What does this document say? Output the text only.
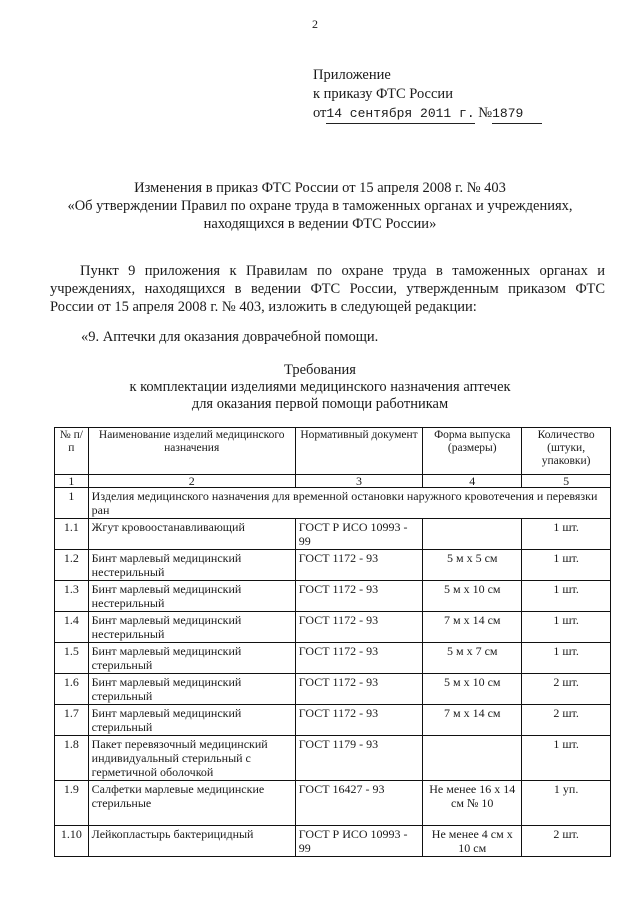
2
Приложение
к приказу ФТС России
от14 сентября 2011 г. №1879
Изменения в приказ ФТС России от 15 апреля 2008 г. № 403
«Об утверждении Правил по охране труда в таможенных органах и учреждениях,
находящихся в ведении ФТС России»
Пункт 9 приложения к Правилам по охране труда в таможенных органах и учреждениях, находящихся в ведении ФТС России, утвержденным приказом ФТС России от 15 апреля 2008 г. № 403, изложить в следующей редакции:
«9. Аптечки для оказания доврачебной помощи.
Требования
к комплектации изделиями медицинского назначения аптечек
для оказания первой помощи работникам
№ п/п	Наименование изделий медицинского назначения	Нормативный документ	Форма выпуска (размеры)	Количество (штуки, упаковки)
1	2	3	4	5
1	Изделия медицинского назначения для временной остановки наружного кровотечения и перевязки ран			
1.1	Жгут кровоостанавливающий	ГОСТ Р ИСО 10993 - 99		1 шт.
1.2	Бинт марлевый медицинский нестерильный	ГОСТ 1172 - 93	5 м х 5 см	1 шт.
1.3	Бинт марлевый медицинский нестерильный	ГОСТ 1172 - 93	5 м х 10 см	1 шт.
1.4	Бинт марлевый медицинский нестерильный	ГОСТ 1172 - 93	7 м х 14 см	1 шт.
1.5	Бинт марлевый медицинский стерильный	ГОСТ 1172 - 93	5 м х 7 см	1 шт.
1.6	Бинт марлевый медицинский стерильный	ГОСТ 1172 - 93	5 м х 10 см	2 шт.
1.7	Бинт марлевый медицинский стерильный	ГОСТ 1172 - 93	7 м х 14 см	2 шт.
1.8	Пакет перевязочный медицинский индивидуальный стерильный с герметичной оболочкой	ГОСТ 1179 - 93		1 шт.
1.9	Салфетки марлевые медицинские стерильные	ГОСТ 16427 - 93	Не менее 16 х 14 см № 10	1 уп.
1.10	Лейкопластырь бактерицидный	ГОСТ Р ИСО 10993 - 99	Не менее 4 см х 10 см	2 шт.
